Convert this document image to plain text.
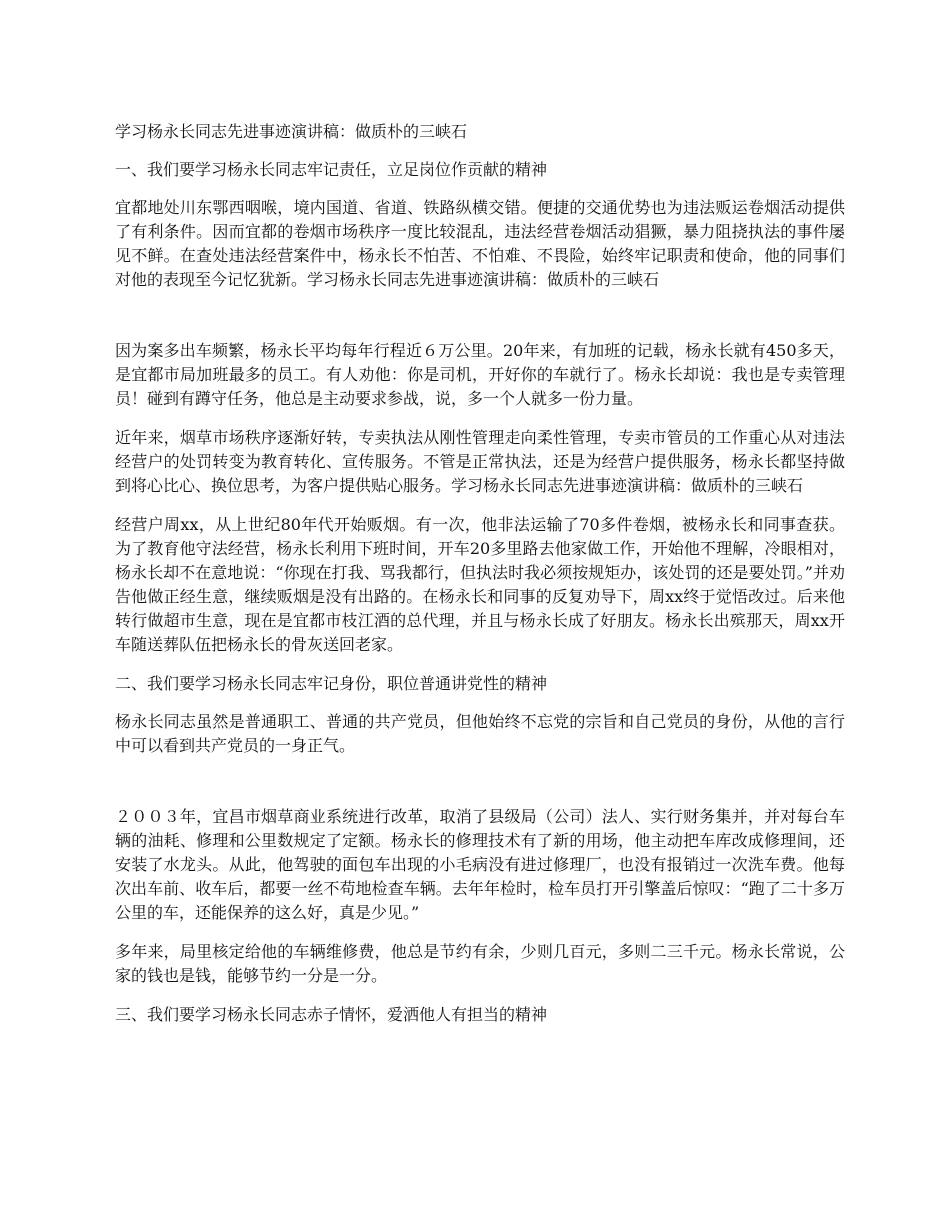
学习杨永长同志先进事迹演讲稿：做质朴的三峡石

一、我们要学习杨永长同志牢记责任，立足岗位作贡献的精神

宜都地处川东鄂西咽喉，境内国道、省道、铁路纵横交错。便捷的交通优势也为违法贩运卷烟活动提供了有利条件。因而宜都的卷烟市场秩序一度比较混乱，违法经营卷烟活动猖獗，暴力阻挠执法的事件屡见不鲜。在查处违法经营案件中，杨永长不怕苦、不怕难、不畏险，始终牢记职责和使命，他的同事们对他的表现至今记忆犹新。学习杨永长同志先进事迹演讲稿：做质朴的三峡石

因为案多出车频繁，杨永长平均每年行程近６万公里。20年来，有加班的记载，杨永长就有450多天，是宜都市局加班最多的员工。有人劝他：你是司机，开好你的车就行了。杨永长却说：我也是专卖管理员！碰到有蹲守任务，他总是主动要求参战，说，多一个人就多一份力量。

近年来，烟草市场秩序逐渐好转，专卖执法从刚性管理走向柔性管理，专卖市管员的工作重心从对违法经营户的处罚转变为教育转化、宣传服务。不管是正常执法，还是为经营户提供服务，杨永长都坚持做到将心比心、换位思考，为客户提供贴心服务。学习杨永长同志先进事迹演讲稿：做质朴的三峡石

经营户周xx，从上世纪80年代开始贩烟。有一次，他非法运输了70多件卷烟，被杨永长和同事查获。为了教育他守法经营，杨永长利用下班时间，开车20多里路去他家做工作，开始他不理解，冷眼相对，杨永长却不在意地说：“你现在打我、骂我都行，但执法时我必须按规矩办，该处罚的还是要处罚。”并劝告他做正经生意，继续贩烟是没有出路的。在杨永长和同事的反复劝导下，周xx终于觉悟改过。后来他转行做超市生意，现在是宜都市枝江酒的总代理，并且与杨永长成了好朋友。杨永长出殡那天，周xx开车随送葬队伍把杨永长的骨灰送回老家。

二、我们要学习杨永长同志牢记身份，职位普通讲党性的精神

杨永长同志虽然是普通职工、普通的共产党员，但他始终不忘党的宗旨和自己党员的身份，从他的言行中可以看到共产党员的一身正气。

２００３年，宜昌市烟草商业系统进行改革，取消了县级局（公司）法人、实行财务集并，并对每台车辆的油耗、修理和公里数规定了定额。杨永长的修理技术有了新的用场，他主动把车库改成修理间，还安装了水龙头。从此，他驾驶的面包车出现的小毛病没有进过修理厂，也没有报销过一次洗车费。他每次出车前、收车后，都要一丝不苟地检查车辆。去年年检时，检车员打开引擎盖后惊叹：“跑了二十多万公里的车，还能保养的这么好，真是少见。”

多年来，局里核定给他的车辆维修费，他总是节约有余，少则几百元，多则二三千元。杨永长常说，公家的钱也是钱，能够节约一分是一分。

三、我们要学习杨永长同志赤子情怀，爱洒他人有担当的精神
